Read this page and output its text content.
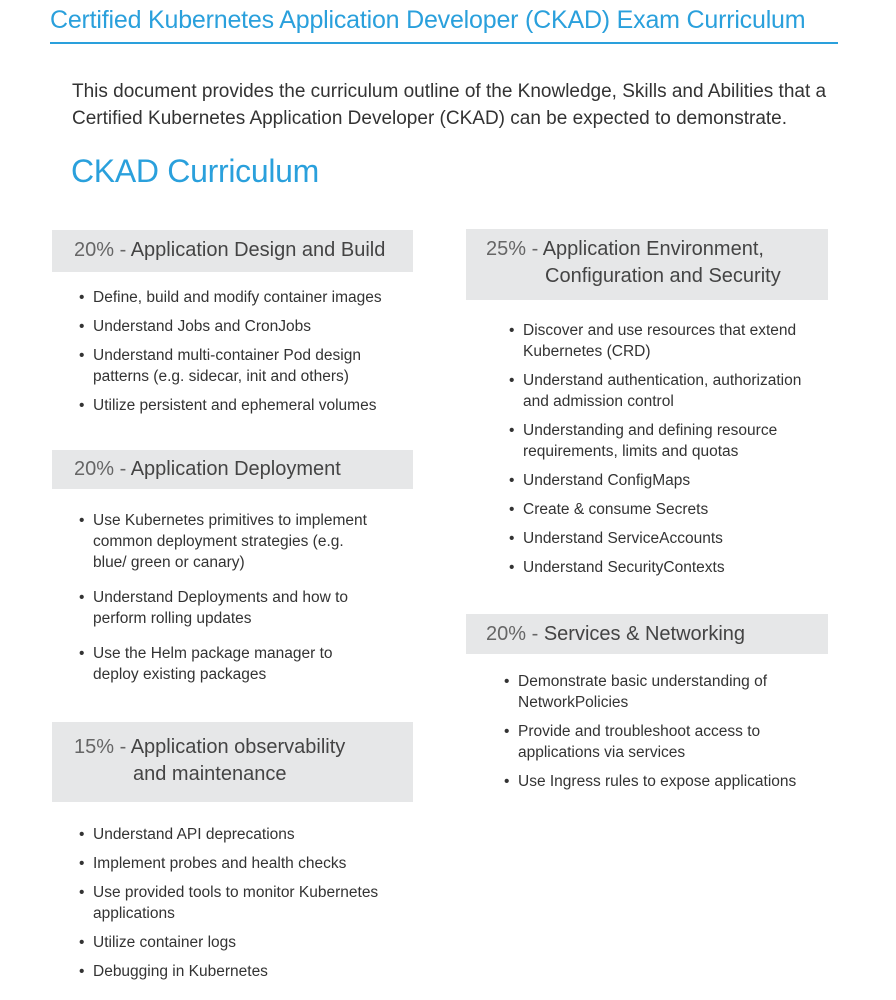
Certified Kubernetes Application Developer (CKAD) Exam Curriculum
This document provides the curriculum outline of the Knowledge, Skills and Abilities that a Certified Kubernetes Application Developer (CKAD) can be expected to demonstrate.
CKAD Curriculum
20% - Application Design and Build
• Define, build and modify container images
• Understand Jobs and CronJobs
• Understand multi-container Pod design patterns (e.g. sidecar, init and others)
• Utilize persistent and ephemeral volumes
20% - Application Deployment
• Use Kubernetes primitives to implement common deployment strategies (e.g. blue/ green or canary)
• Understand Deployments and how to perform rolling updates
• Use the Helm package manager to deploy existing packages
15% - Application observability
and maintenance
• Understand API deprecations
• Implement probes and health checks
• Use provided tools to monitor Kubernetes applications
• Utilize container logs
• Debugging in Kubernetes
25% - Application Environment,
Configuration and Security
• Discover and use resources that extend Kubernetes (CRD)
• Understand authentication, authorization and admission control
• Understanding and defining resource requirements, limits and quotas
• Understand ConfigMaps
• Create & consume Secrets
• Understand ServiceAccounts
• Understand SecurityContexts
20% - Services & Networking
• Demonstrate basic understanding of NetworkPolicies
• Provide and troubleshoot access to applications via services
• Use Ingress rules to expose applications
